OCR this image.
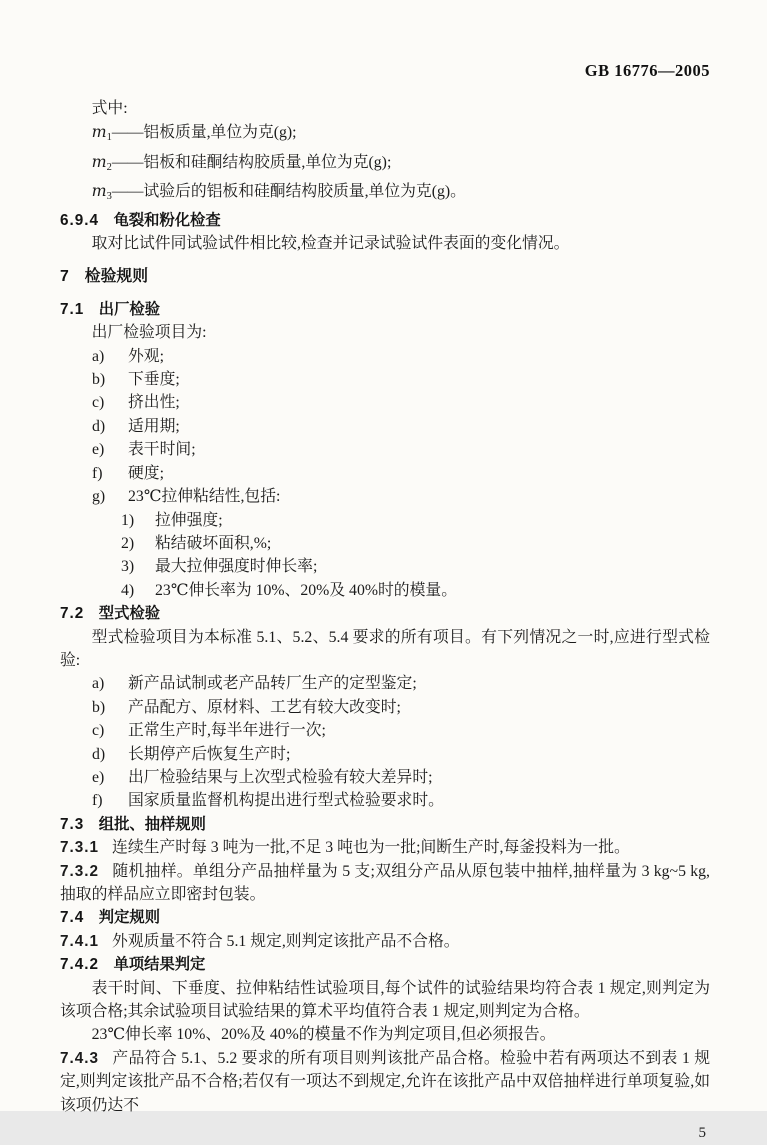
GB 16776—2005

式中:

$m_1——$铝板质量,单位为克(g);

$m_2——$铝板和硅酮结构胶质量,单位为克(g);

$m_3——$试验后的铝板和硅酮结构胶质量,单位为克(g)。

6.9.4 龟裂和粉化检查

取对比试件同试验试件相比较,检查并记录试验试件表面的变化情况。

7 检验规则

7.1 出厂检验

出厂检验项目为:

a) 外观;
b) 下垂度;
c) 挤出性;
d) 适用期;
e) 表干时间;
f) 硬度;
g) 23℃拉伸粘结性,包括:
1) 拉伸强度;
2) 粘结破坏面积,%;
3) 最大拉伸强度时伸长率;
4) 23℃伸长率为 10%、20%及 40%时的模量。

7.2 型式检验

型式检验项目为本标准 5.1、5.2、5.4 要求的所有项目。有下列情况之一时,应进行型式检验:

a) 新产品试制或老产品转厂生产的定型鉴定;
b) 产品配方、原材料、工艺有较大改变时;
c) 正常生产时,每半年进行一次;
d) 长期停产后恢复生产时;
e) 出厂检验结果与上次型式检验有较大差异时;
f) 国家质量监督机构提出进行型式检验要求时。

7.3 组批、抽样规则

7.3.1 连续生产时每 3 吨为一批,不足 3 吨也为一批;间断生产时,每釜投料为一批。

7.3.2 随机抽样。单组分产品抽样量为 5 支;双组分产品从原包装中抽样,抽样量为 3 kg~5 kg,抽取的样品应立即密封包装。

7.4 判定规则

7.4.1 外观质量不符合 5.1 规定,则判定该批产品不合格。

7.4.2 单项结果判定

表干时间、下垂度、拉伸粘结性试验项目,每个试件的试验结果均符合表 1 规定,则判定为该项合格;其余试验项目试验结果的算术平均值符合表 1 规定,则判定为合格。

23℃伸长率 10%、20%及 40%的模量不作为判定项目,但必须报告。

7.4.3 产品符合 5.1、5.2 要求的所有项目则判该批产品合格。检验中若有两项达不到表 1 规定,则判定该批产品不合格;若仅有一项达不到规定,允许在该批产品中双倍抽样进行单项复验,如该项仍达不

5
